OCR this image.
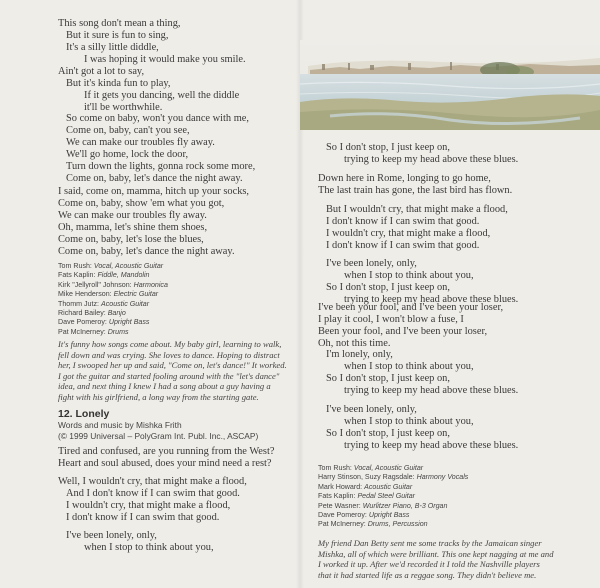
This song don't mean a thing,
But it sure is fun to sing,
It's a silly little diddle,
I was hoping it would make you smile.
Ain't got a lot to say,
But it's kinda fun to play,
If it gets you dancing, well the diddle
it'll be worthwhile.
So come on baby, won't you dance with me,
Come on, baby, can't you see,
We can make our troubles fly away.
We'll go home, lock the door,
Turn down the lights, gonna rock some more,
Come on, baby, let's dance the night away.
I said, come on, mamma, hitch up your socks,
Come on, baby, show 'em what you got,
We can make our troubles fly away.
Oh, mamma, let's shine them shoes,
Come on, baby, let's lose the blues,
Come on, baby, let's dance the night away.
Tom Rush: Vocal, Acoustic Guitar
Fats Kaplin: Fiddle, Mandolin
Kirk "Jellyroll" Johnson: Harmonica
Mike Henderson: Electric Guitar
Thomm Jutz: Acoustic Guitar
Richard Bailey: Banjo
Dave Pomeroy: Upright Bass
Pat McInerney: Drums
It's funny how songs come about. My baby girl, learning to walk,
fell down and was crying. She loves to dance. Hoping to distract
her, I swooped her up and said, "Come on, let's dance!" It worked.
I got the guitar and started fooling around with the "let's dance"
idea, and next thing I knew I had a song about a guy having a
fight with his girlfriend, a long way from the starting gate.
12. Lonely
Words and music by Mishka Frith
(© 1999 Universal – PolyGram Int. Publ. Inc., ASCAP)
Tired and confused, are you running from the West?
Heart and soul abused, does your mind need a rest?
Well, I wouldn't cry, that might make a flood,
And I don't know if I can swim that good.
I wouldn't cry, that might make a flood,
I don't know if I can swim that good.
I've been lonely, only,
when I stop to think about you,
So I don't stop, I just keep on,
trying to keep my head above these blues.
Down here in Rome, longing to go home,
The last train has gone, the last bird has flown.
But I wouldn't cry, that might make a flood,
I don't know if I can swim that good.
I wouldn't cry, that might make a flood,
I don't know if I can swim that good.
I've been lonely, only,
when I stop to think about you,
So I don't stop, I just keep on,
trying to keep my head above these blues.
I've been your fool, and I've been your loser,
I play it cool, I won't blow a fuse, I
Been your fool, and I've been your loser,
Oh, not this time.
I'm lonely, only,
when I stop to think about you,
So I don't stop, I just keep on,
trying to keep my head above these blues.
I've been lonely, only,
when I stop to think about you,
So I don't stop, I just keep on,
trying to keep my head above these blues.
Tom Rush: Vocal, Acoustic Guitar
Harry Stinson, Suzy Ragsdale: Harmony Vocals
Mark Howard: Acoustic Guitar
Fats Kaplin: Pedal Steel Guitar
Pete Wasner: Wurlitzer Piano, B-3 Organ
Dave Pomeroy: Upright Bass
Pat McInerney: Drums, Percussion
My friend Dan Betty sent me some tracks by the Jamaican singer
Mishka, all of which were brilliant. This one kept nagging at me and
I worked it up. After we'd recorded it I told the Nashville players
that it had started life as a reggae song. They didn't believe me.
